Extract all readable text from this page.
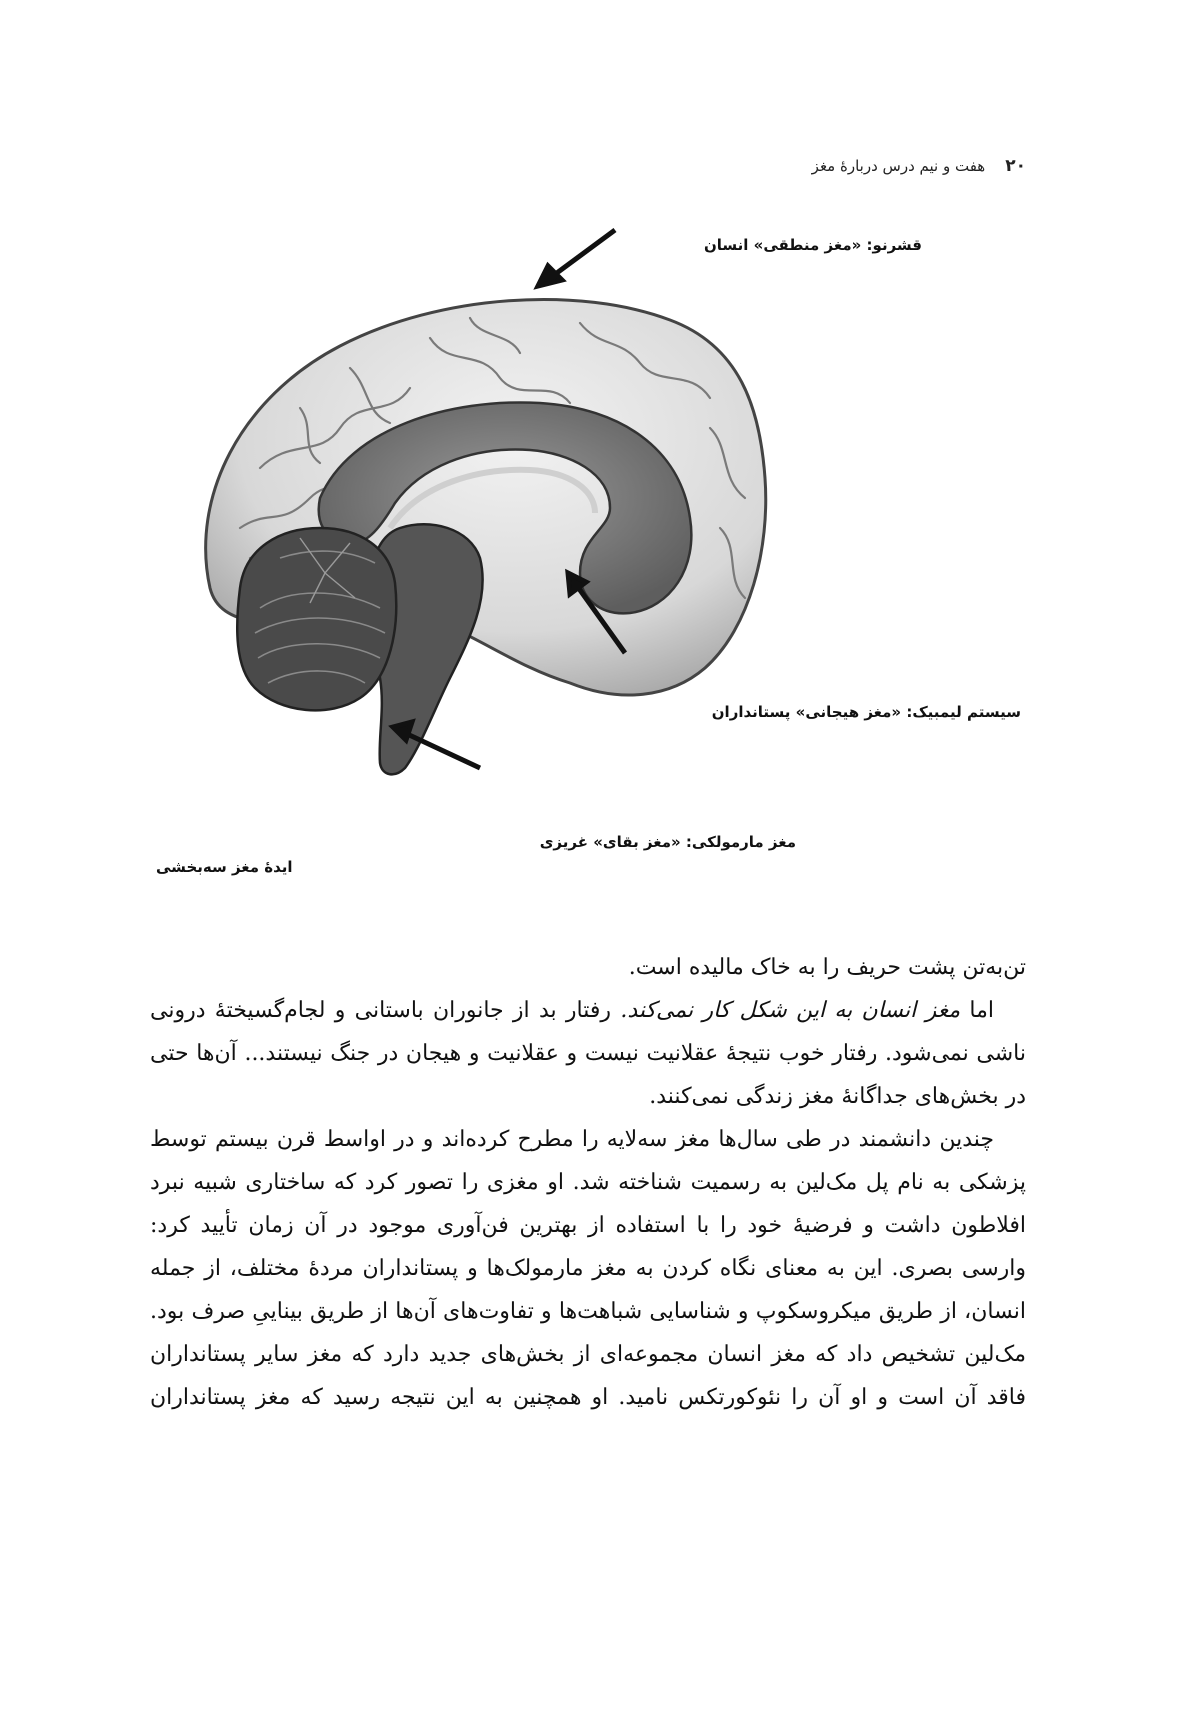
۲۰
هفت و نیم درس دربارهٔ مغز
قشرنو: «مغز منطقی» انسان
سیستم لیمبیک: «مغز هیجانی» پستانداران
مغز مارمولکی: «مغز بقای» غریزی
ایدهٔ مغز سه‌بخشی

تن‌به‌تن پشت حریف را به خاک مالیده است.

اما مغز انسان به این شکل کار نمی‌کند. رفتار بد از جانوران باستانی و لجام‌گسیختهٔ درونی ناشی نمی‌شود. رفتار خوب نتیجهٔ عقلانیت نیست و عقلانیت و هیجان در جنگ نیستند... آن‌ها حتی در بخش‌های جداگانهٔ مغز زندگی نمی‌کنند.

چندین دانشمند در طی سال‌ها مغز سه‌لایه را مطرح کرده‌اند و در اواسط قرن بیستم توسط پزشکی به نام پل مک‌لین به رسمیت شناخته شد. او مغزی را تصور کرد که ساختاری شبیه نبرد افلاطون داشت و فرضیهٔ خود را با استفاده از بهترین فن‌آوری موجود در آن زمان تأیید کرد: وارسی بصری. این به معنای نگاه کردن به مغز مارمولک‌ها و پستانداران مردهٔ مختلف، از جمله انسان، از طریق میکروسکوپ و شناسایی شباهت‌ها و تفاوت‌های آن‌ها از طریق بیناییِ صرف بود. مک‌لین تشخیص داد که مغز انسان مجموعه‌ای از بخش‌های جدید دارد که مغز سایر پستانداران فاقد آن است و او آن را نئوکورتکس نامید. او همچنین به این نتیجه رسید که مغز پستانداران
